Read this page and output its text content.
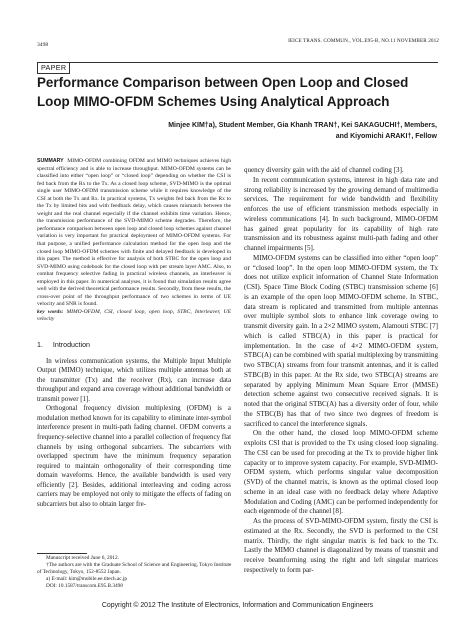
3498
IEICE TRANS. COMMUN., VOL.E95-B, NO.11 NOVEMBER 2012
PAPER
Performance Comparison between Open Loop and Closed Loop MIMO-OFDM Schemes Using Analytical Approach
Minjee KIM†a), Student Member, Gia Khanh TRAN†, Kei SAKAGUCHI†, Members,
and Kiyomichi ARAKI†, Fellow

SUMMARY MIMO-OFDM combining OFDM and MIMO techniques achieves high spectral efficiency and is able to increase throughput. MIMO-OFDM systems can be classified into either “open loop” or “closed loop” depending on whether the CSI is fed back from the Rx to the Tx. As a closed loop scheme, SVD-MIMO is the optimal single user MIMO-OFDM transmission scheme while it requires knowledge of the CSI at both the Tx and Rx. In practical systems, Tx weights fed back from the Rx to the Tx by limited bits and with feedback delay, which causes mismatch between the weight and the real channel especially if the channel exhibits time variation. Hence, the transmission performance of the SVD-MIMO scheme degrades. Therefore, the performance comparison between open loop and closed loop schemes against channel variation is very important for practical deployment of MIMO-OFDM systems. For that purpose, a unified performance calculation method for the open loop and the closed loop MIMO-OFDM schemes with finite and delayed feedback is developed in this paper. The method is effective for analysis of both STBC for the open loop and SVD-MIMO using codebook for the closed loop with per stream layer AMC. Also, to combat frequency selective fading in practical wireless channels, an interleaver is employed in this paper. In numerical analyses, it is found that simulation results agree well with the derived theoretical performance results. Secondly, from these results, the cross-over point of the throughput performance of two schemes in terms of UE velocity and SNR is found.

key words: MIMO-OFDM, CSI, closed loop, open loop, STBC, Interleaver, UE velocity

1. Introduction

In wireless communication systems, the Multiple Input Multiple Output (MIMO) technique, which utilizes multiple antennas both at the transmitter (Tx) and the receiver (Rx), can increase data throughput and expand area coverage without additional bandwidth or transmit power [1].

Orthogonal frequency division multiplexing (OFDM) is a modulation method known for its capability to eliminate inter-symbol interference present in multi-path fading channel. OFDM converts a frequency-selective channel into a parallel collection of frequency flat channels by using orthogonal subcarriers. The subcarriers with overlapped spectrum have the minimum frequency separation required to maintain orthogonality of their corresponding time domain waveforms. Hence, the available bandwidth is used very efficiently [2]. Besides, additional interleaving and coding across carriers may be employed not only to mitigate the effects of fading on subcarriers but also to obtain larger fre-

quency diversity gain with the aid of channel coding [3].

In recent communication systems, interest in high data rate and strong reliability is increased by the growing demand of multimedia services. The requirement for wide bandwidth and flexibility enforces the use of efficient transmission methods especially in wireless communications [4]. In such background, MIMO-OFDM has gained great popularity for its capability of high rate transmission and its robustness against multi-path fading and other channel impairments [5].

MIMO-OFDM systems can be classified into either “open loop” or “closed loop”. In the open loop MIMO-OFDM system, the Tx does not utilize explicit information of Channel State Information (CSI). Space Time Block Coding (STBC) transmission scheme [6] is an example of the open loop MIMO-OFDM scheme. In STBC, data stream is replicated and transmitted from multiple antennas over multiple symbol slots to enhance link coverage owing to transmit diversity gain. In a 2×2 MIMO system, Alamouti STBC [7] which is called STBC(A) in this paper is practical for implementation. In the case of 4×2 MIMO-OFDM system, STBC(A) can be combined with spatial multiplexing by transmitting two STBC(A) streams from four transmit antennas, and it is called STBC(B) in this paper. At the Rx side, two STBC(A) streams are separated by applying Minimum Mean Square Error (MMSE) detection scheme against two consecutive received signals. It is noted that the original STBC(A) has a diversity order of four, while the STBC(B) has that of two since two degrees of freedom is sacrificed to cancel the interference signals.

On the other hand, the closed loop MIMO-OFDM scheme exploits CSI that is provided to the Tx using closed loop signaling. The CSI can be used for precoding at the Tx to provide higher link capacity or to improve system capacity. For example, SVD-MIMO-OFDM system, which performs singular value decomposition (SVD) of the channel matrix, is known as the optimal closed loop scheme in an ideal case with no feedback delay where Adaptive Modulation and Coding (AMC) can be performed independently for each eigenmode of the channel [8].

As the process of SVD-MIMO-OFDM system, firstly the CSI is estimated at the Rx. Secondly, the SVD is performed to the CSI matrix. Thirdly, the right singular matrix is fed back to the Tx. Lastly the MIMO channel is diagonalized by means of transmit and receive beamforming using the right and left singular matrices respectively to form par-

Manuscript received June 6, 2012.

†The authors are with the Graduate School of Science and Engineering, Tokyo Institute of Technology, Tokyo, 152-8552 Japan.

a) E-mail: kim@mobile.ee.titech.ac.jp

DOI: 10.1587/transcom.E95.B.3498

Copyright © 2012 The Institute of Electronics, Information and Communication Engineers
